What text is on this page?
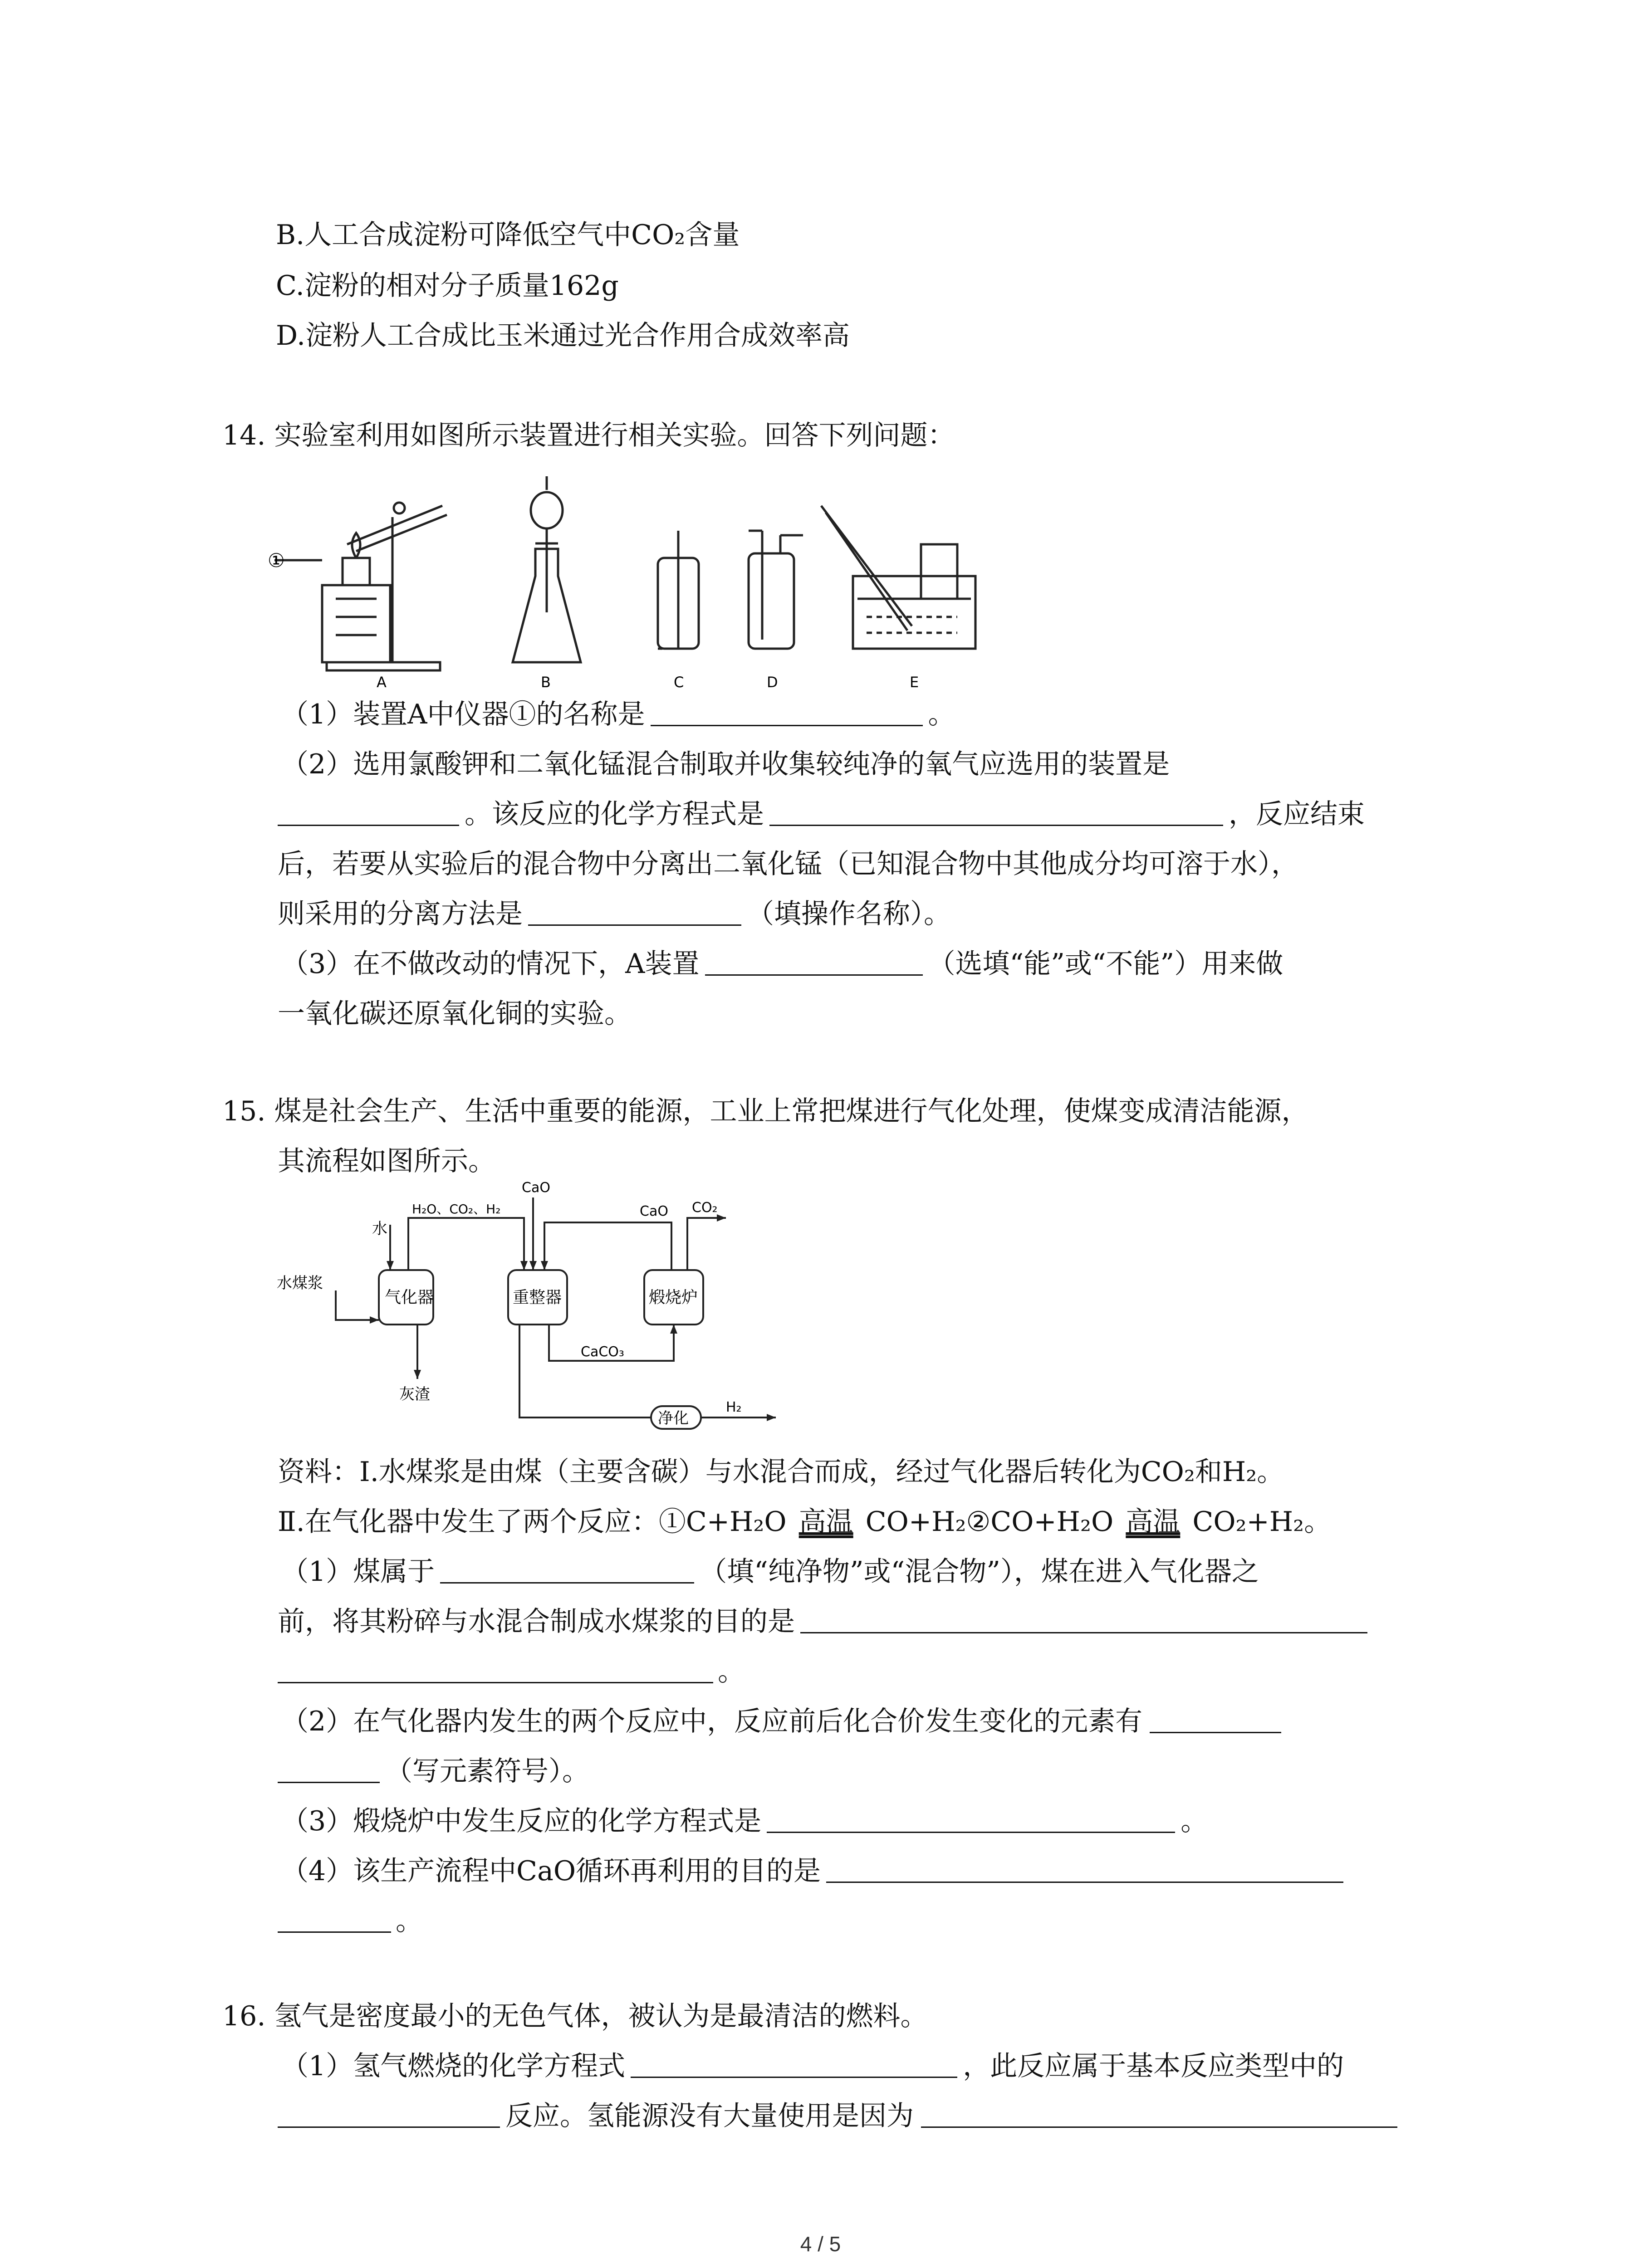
B.人工合成淀粉可降低空气中CO₂含量
C.淀粉的相对分子质量162g
D.淀粉人工合成比玉米通过光合作用合成效率高
14. 实验室利用如图所示装置进行相关实验。回答下列问题：
①
A	B	C	D	E
（1）装置A中仪器①的名称是	。
（2）选用氯酸钾和二氧化锰混合制取并收集较纯净的氧气应选用的装置是
。该反应的化学方程式是	，反应结束
后，若要从实验后的混合物中分离出二氧化锰（已知混合物中其他成分均可溶于水），
则采用的分离方法是	（填操作名称）。
（3）在不做改动的情况下，A装置	（选填“能”或“不能”）用来做
一氧化碳还原氧化铜的实验。
15. 煤是社会生产、生活中重要的能源，工业上常把煤进行气化处理，使煤变成清洁能源，
其流程如图所示。
水煤浆
水
气化器
H₂O、CO₂、H₂
CaO
重整器
CaO CO₂
煅烧炉
CaCO₃
灰渣
净化
H₂
资料：Ⅰ.水煤浆是由煤（主要含碳）与水混合而成，经过气化器后转化为CO₂和H₂。
Ⅱ.在气化器中发生了两个反应：①C+H₂O 高温 CO+H₂②CO+H₂O 高温 CO₂+H₂。
（1）煤属于	（填“纯净物”或“混合物”），煤在进入气化器之
前，将其粉碎与水混合制成水煤浆的目的是
。
（2）在气化器内发生的两个反应中，反应前后化合价发生变化的元素有
（写元素符号）。
（3）煅烧炉中发生反应的化学方程式是	。
（4）该生产流程中CaO循环再利用的目的是
。
16. 氢气是密度最小的无色气体，被认为是最清洁的燃料。
（1）氢气燃烧的化学方程式	，此反应属于基本反应类型中的
反应。氢能源没有大量使用是因为
4 / 5
